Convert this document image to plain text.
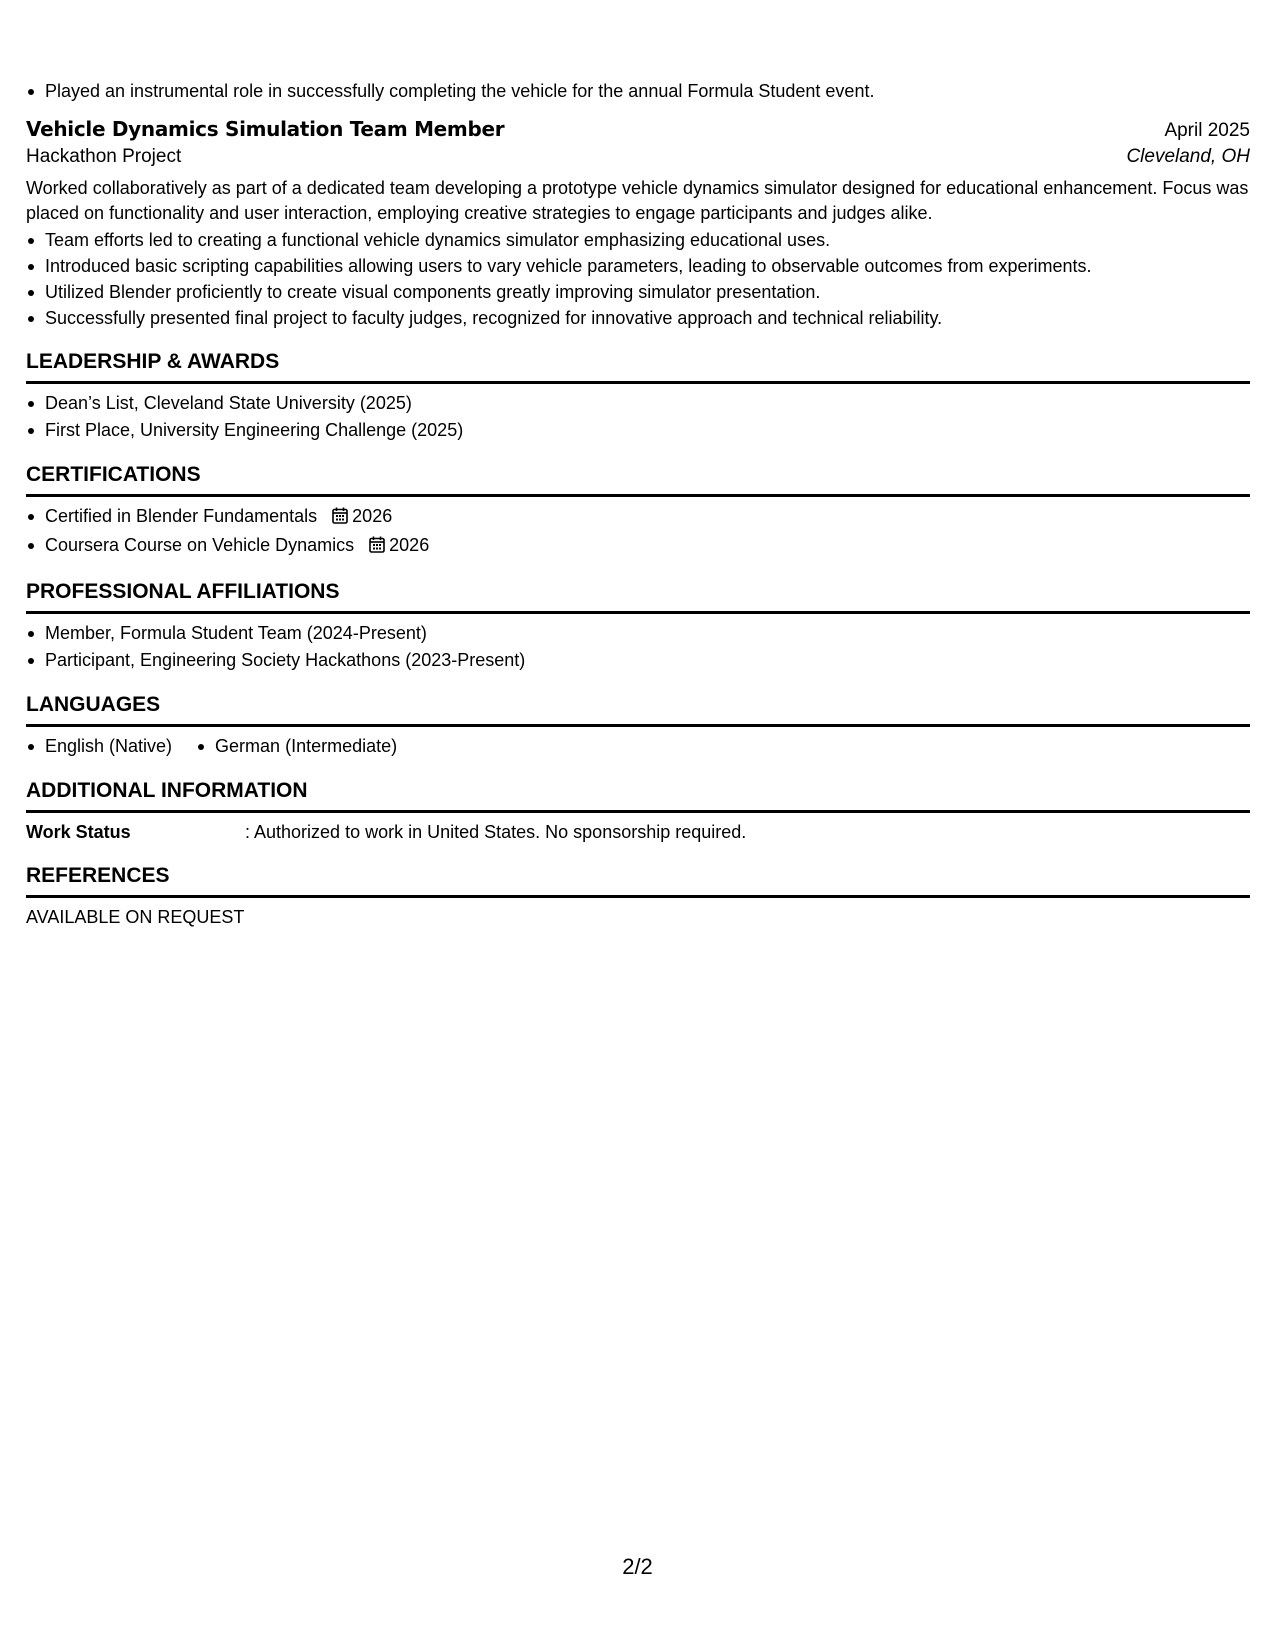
Played an instrumental role in successfully completing the vehicle for the annual Formula Student event.
Vehicle Dynamics Simulation Team Member	April 2025
Hackathon Project	Cleveland, OH
Worked collaboratively as part of a dedicated team developing a prototype vehicle dynamics simulator designed for educational enhancement. Focus was placed on functionality and user interaction, employing creative strategies to engage participants and judges alike.
Team efforts led to creating a functional vehicle dynamics simulator emphasizing educational uses.
Introduced basic scripting capabilities allowing users to vary vehicle parameters, leading to observable outcomes from experiments.
Utilized Blender proficiently to create visual components greatly improving simulator presentation.
Successfully presented final project to faculty judges, recognized for innovative approach and technical reliability.
LEADERSHIP & AWARDS
Dean’s List, Cleveland State University (2025)
First Place, University Engineering Challenge (2025)
CERTIFICATIONS
Certified in Blender Fundamentals 2026
Coursera Course on Vehicle Dynamics 2026
PROFESSIONAL AFFILIATIONS
Member, Formula Student Team (2024-Present)
Participant, Engineering Society Hackathons (2023-Present)
LANGUAGES
English (Native)	German (Intermediate)
ADDITIONAL INFORMATION
Work Status	: Authorized to work in United States. No sponsorship required.
REFERENCES
AVAILABLE ON REQUEST
2/2
